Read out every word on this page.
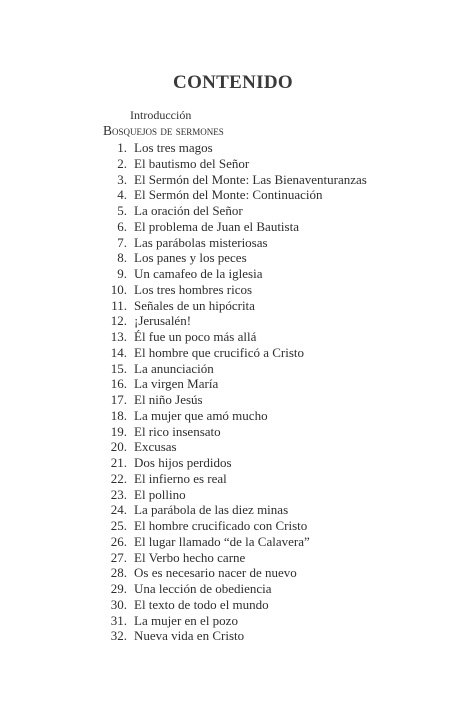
CONTENIDO
Introducción
Bosquejos de sermones
1. Los tres magos
2. El bautismo del Señor
3. El Sermón del Monte: Las Bienaventuranzas
4. El Sermón del Monte: Continuación
5. La oración del Señor
6. El problema de Juan el Bautista
7. Las parábolas misteriosas
8. Los panes y los peces
9. Un camafeo de la iglesia
10. Los tres hombres ricos
11. Señales de un hipócrita
12. ¡Jerusalén!
13. Él fue un poco más allá
14. El hombre que crucificó a Cristo
15. La anunciación
16. La virgen María
17. El niño Jesús
18. La mujer que amó mucho
19. El rico insensato
20. Excusas
21. Dos hijos perdidos
22. El infierno es real
23. El pollino
24. La parábola de las diez minas
25. El hombre crucificado con Cristo
26. El lugar llamado “de la Calavera”
27. El Verbo hecho carne
28. Os es necesario nacer de nuevo
29. Una lección de obediencia
30. El texto de todo el mundo
31. La mujer en el pozo
32. Nueva vida en Cristo
